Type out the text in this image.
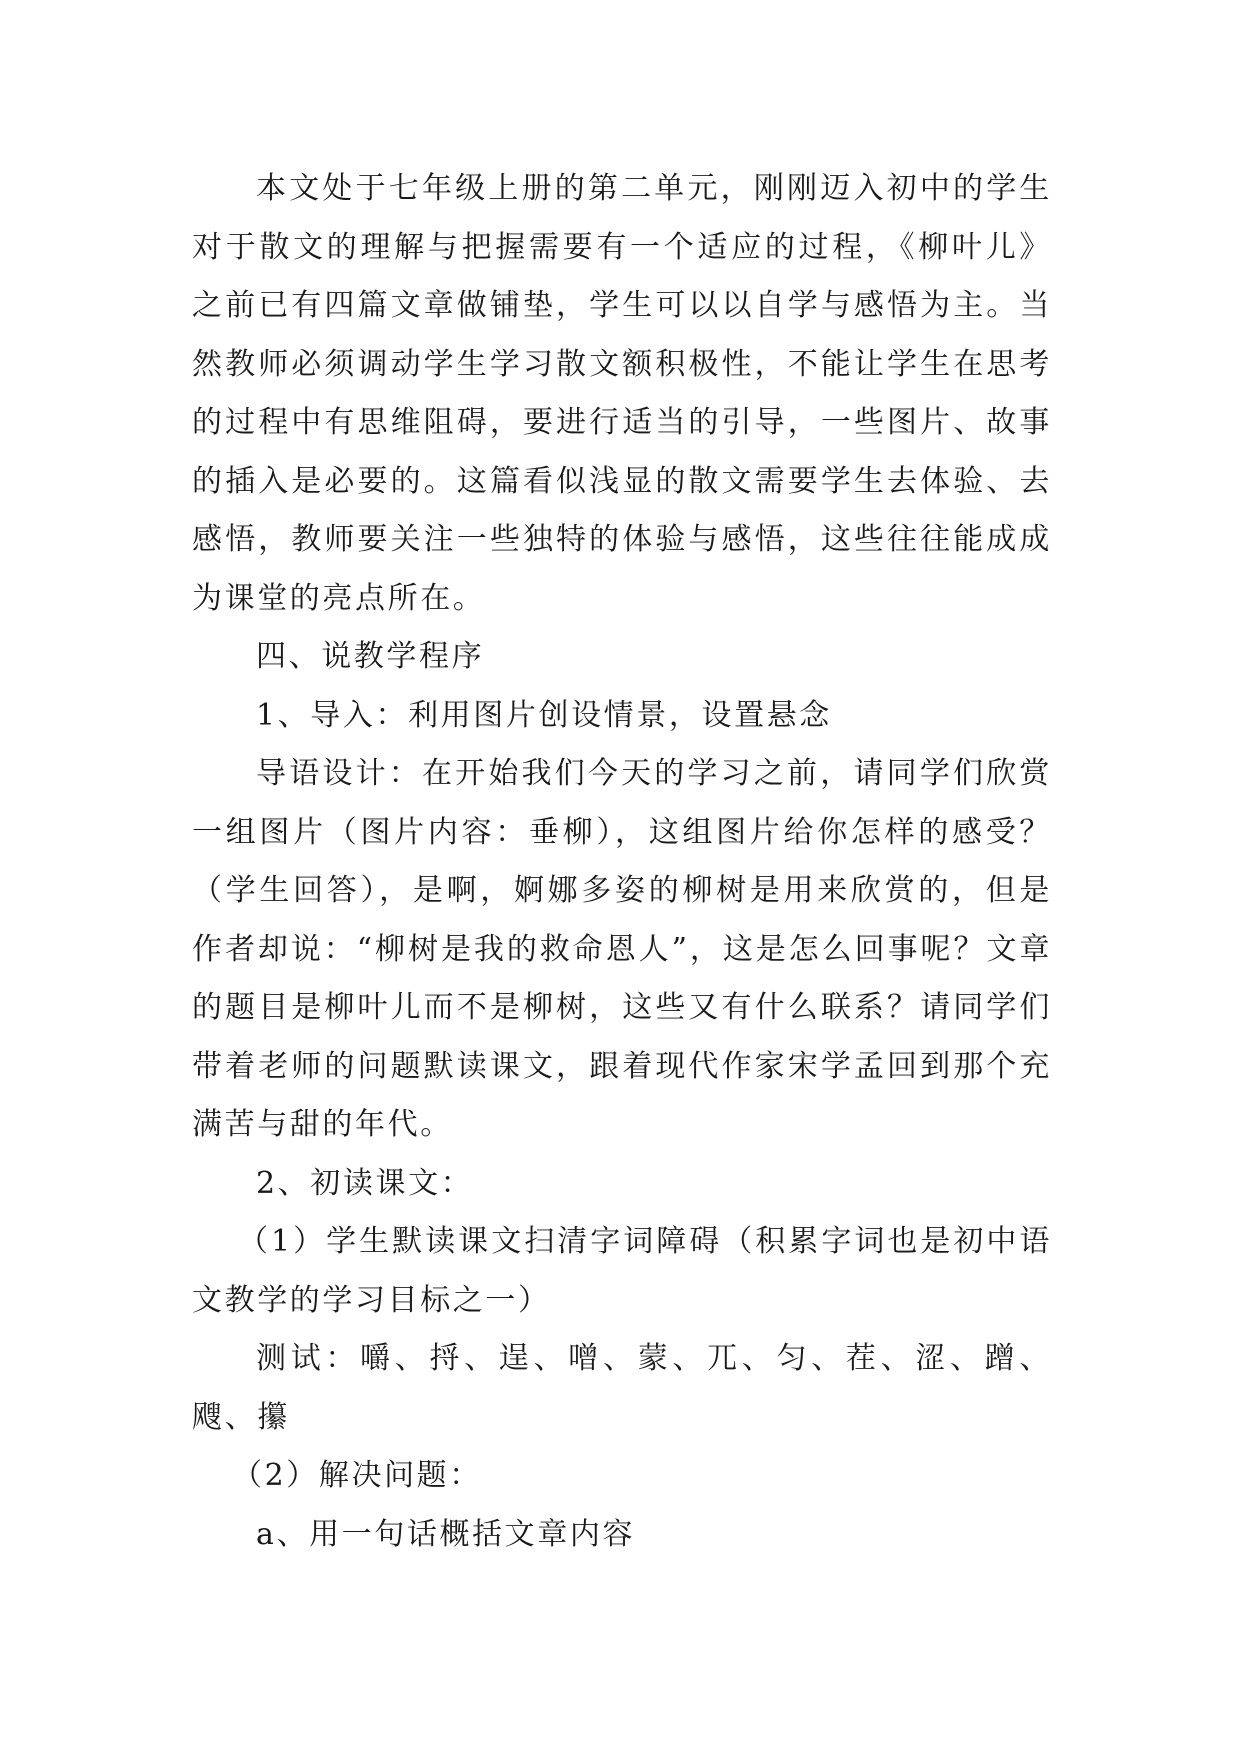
本文处于七年级上册的第二单元，刚刚迈入初中的学生对于散文的理解与把握需要有一个适应的过程，《柳叶儿》之前已有四篇文章做铺垫，学生可以以自学与感悟为主。当然教师必须调动学生学习散文额积极性，不能让学生在思考的过程中有思维阻碍，要进行适当的引导，一些图片、故事的插入是必要的。这篇看似浅显的散文需要学生去体验、去感悟，教师要关注一些独特的体验与感悟，这些往往能成成为课堂的亮点所在。

四、说教学程序

1、导入：利用图片创设情景，设置悬念

导语设计：在开始我们今天的学习之前，请同学们欣赏一组图片（图片内容：垂柳），这组图片给你怎样的感受？（学生回答），是啊，婀娜多姿的柳树是用来欣赏的，但是作者却说：“柳树是我的救命恩人”，这是怎么回事呢？文章的题目是柳叶儿而不是柳树，这些又有什么联系？请同学们带着老师的问题默读课文，跟着现代作家宋学孟回到那个充满苦与甜的年代。

2、初读课文：

（1）学生默读课文扫清字词障碍（积累字词也是初中语文教学的学习目标之一）

测试：嚼、捋、逞、噌、蒙、兀、匀、茬、涩、蹭、飕、攥

（2）解决问题：

a、用一句话概括文章内容
